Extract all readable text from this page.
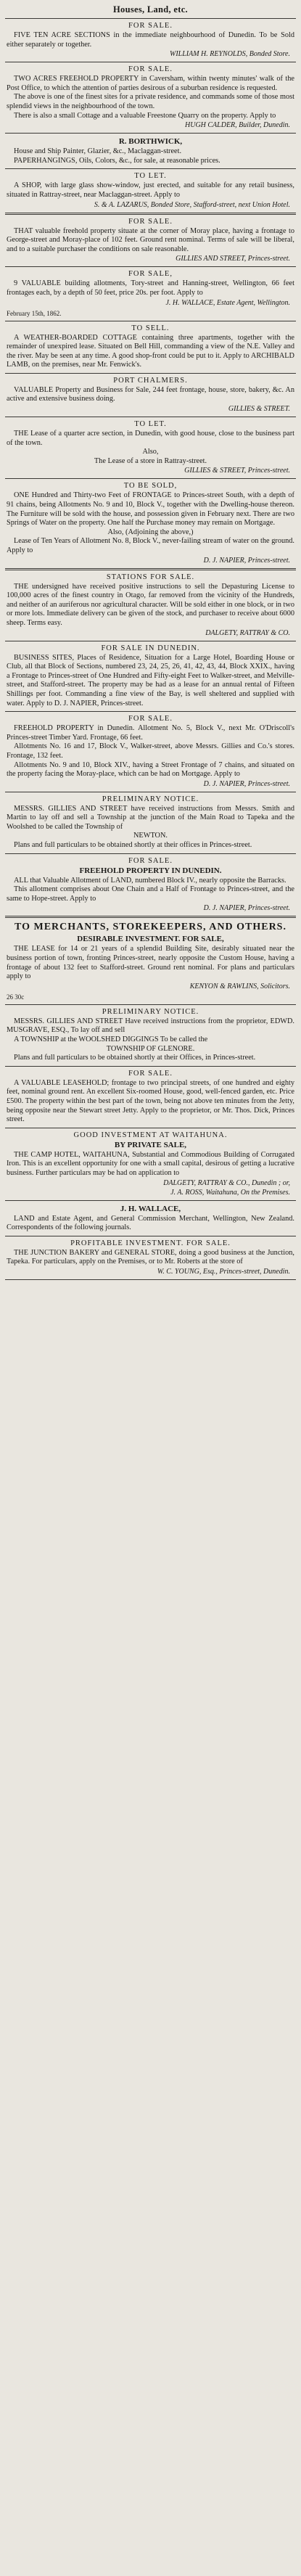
Houses, Land, etc.
FOR SALE.

FIVE TEN ACRE SECTIONS in the immediate neighbourhood of Dunedin. To be Sold either separately or together.

WILLIAM H. REYNOLDS, Bonded Store.
FOR SALE.

TWO ACRES FREEHOLD PROPERTY in Caversham, within twenty minutes' walk of the Post Office, to which the attention of parties desirous of a suburban residence is requested.

The above is one of the finest sites for a private residence, and commands some of those most splendid views in the neighbourhood of the town.

There is also a small Cottage and a valuable Freestone Quarry on the property. Apply to

HUGH CALDER, Builder, Dunedin.
R. BORTHWICK,

House and Ship Painter, Glazier, &c., Maclaggan-street.

PAPERHANGINGS, Oils, Colors, &c., for sale, at reasonable prices.

TO LET.

A SHOP, with large glass show-window, just erected, and suitable for any retail business, situated in Rattray-street, near Maclaggan-street. Apply to

S. & A. LAZARUS, Bonded Store, Stafford-street, next Union Hotel.
FOR SALE.

THAT valuable freehold property situate at the corner of Moray place, having a frontage to George-street and Moray-place of 102 feet. Ground rent nominal. Terms of sale will be liberal, and to a suitable purchaser the conditions on sale reasonable.

GILLIES AND STREET, Princes-street.
FOR SALE,

9 VALUABLE building allotments, Tory-street and Hanning-street, Wellington, 66 feet frontages each, by a depth of 50 feet, price 20s. per foot. Apply to

J. H. WALLACE, Estate Agent, Wellington.
February 15th, 1862.
TO SELL.

A WEATHER-BOARDED COTTAGE containing three apartments, together with the remainder of unexpired lease. Situated on Bell Hill, commanding a view of the N.E. Valley and the river. May be seen at any time. A good shop-front could be put to it. Apply to ARCHIBALD LAMB, on the premises, near Mr. Fenwick's.

PORT CHALMERS.

VALUABLE Property and Business for Sale, 244 feet frontage, house, store, bakery, &c. An active and extensive business doing.

GILLIES & STREET.
TO LET.

THE Lease of a quarter acre section, in Dunedin, with good house, close to the business part of the town.

Also,

The Lease of a store in Rattray-street.

GILLIES & STREET, Princes-street.
TO BE SOLD,

ONE Hundred and Thirty-two Feet of FRONTAGE to Princes-street South, with a depth of 91 chains, being Allotments No. 9 and 10, Block V., together with the Dwelling-house thereon. The Furniture will be sold with the house, and possession given in February next. There are two Springs of Water on the property. One half the Purchase money may remain on Mortgage.

Also, (Adjoining the above,)

Lease of Ten Years of Allotment No. 8, Block V., never-failing stream of water on the ground. Apply to

D. J. NAPIER, Princes-street.
STATIONS FOR SALE.

THE undersigned have received positive instructions to sell the Depasturing License to 100,000 acres of the finest country in Otago, far removed from the vicinity of the Hundreds, and neither of an auriferous nor agricultural character. Will be sold either in one block, or in two or more lots. Immediate delivery can be given of the stock, and purchaser to receive about 6000 sheep. Terms easy.

DALGETY, RATTRAY & CO.
FOR SALE IN DUNEDIN.

BUSINESS SITES, Places of Residence, Situation for a Large Hotel, Boarding House or Club, all that Block of Sections, numbered 23, 24, 25, 26, 41, 42, 43, 44, Block XXIX., having a Frontage to Princes-street of One Hundred and Fifty-eight Feet to Walker-street, and Melville-street, and Stafford-street. The property may be had as a lease for an annual rental of Fifteen Shillings per foot. Commanding a fine view of the Bay, is well sheltered and supplied with water. Apply to D. J. NAPIER, Princes-street.

FOR SALE.

FREEHOLD PROPERTY in Dunedin. Allotment No. 5, Block V., next Mr. O'Driscoll's Princes-street Timber Yard. Frontage, 66 feet.

Allotments No. 16 and 17, Block V., Walker-street, above Messrs. Gillies and Co.'s stores. Frontage, 132 feet.

Allotments No. 9 and 10, Block XIV., having a Street Frontage of 7 chains, and situated on the property facing the Moray-place, which can be had on Mortgage. Apply to

D. J. NAPIER, Princes-street.
PRELIMINARY NOTICE.

MESSRS. GILLIES AND STREET have received instructions from Messrs. Smith and Martin to lay off and sell a Township at the junction of the Main Road to Tapeka and the Woolshed to be called the Township of

NEWTON.

Plans and full particulars to be obtained shortly at their offices in Princes-street.

FOR SALE.
FREEHOLD PROPERTY IN DUNEDIN.

ALL that Valuable Allotment of LAND, numbered Block IV., nearly opposite the Barracks.

This allotment comprises about One Chain and a Half of Frontage to Princes-street, and the same to Hope-street. Apply to

D. J. NAPIER, Princes-street.
TO MERCHANTS, STOREKEEPERS, AND OTHERS.
DESIRABLE INVESTMENT. FOR SALE,

THE LEASE for 14 or 21 years of a splendid Building Site, desirably situated near the business portion of town, fronting Princes-street, nearly opposite the Custom House, having a frontage of about 132 feet to Stafford-street. Ground rent nominal. For plans and particulars apply to

KENYON & RAWLINS, Solicitors.
26 30c
PRELIMINARY NOTICE.

MESSRS. GILLIES AND STREET Have received instructions from the proprietor, EDWD. MUSGRAVE, ESQ., To lay off and sell

A TOWNSHIP at the WOOLSHED DIGGINGS To be called the

TOWNSHIP OF GLENORE.

Plans and full particulars to be obtained shortly at their Offices, in Princes-street.

FOR SALE.

A VALUABLE LEASEHOLD; frontage to two principal streets, of one hundred and eighty feet, nominal ground rent. An excellent Six-roomed House, good, well-fenced garden, etc. Price £500. The property within the best part of the town, being not above ten minutes from the Jetty, being opposite near the Stewart street Jetty. Apply to the proprietor, or Mr. Thos. Dick, Princes street.

GOOD INVESTMENT AT WAITAHUNA.
BY PRIVATE SALE,

THE CAMP HOTEL, WAITAHUNA, Substantial and Commodious Building of Corrugated Iron. This is an excellent opportunity for one with a small capital, desirous of getting a lucrative business. Further particulars may be had on application to

DALGETY, RATTRAY & CO., Dunedin ; or,
J. A. ROSS, Waitahuna, On the Premises.
J. H. WALLACE,

LAND and Estate Agent, and General Commission Merchant, Wellington, New Zealand. Correspondents of the following journals.

PROFITABLE INVESTMENT. FOR SALE.

THE JUNCTION BAKERY and GENERAL STORE, doing a good business at the Junction, Tapeka. For particulars, apply on the Premises, or to Mr. Roberts at the store of

W. C. YOUNG, Esq., Princes-street, Dunedin.
